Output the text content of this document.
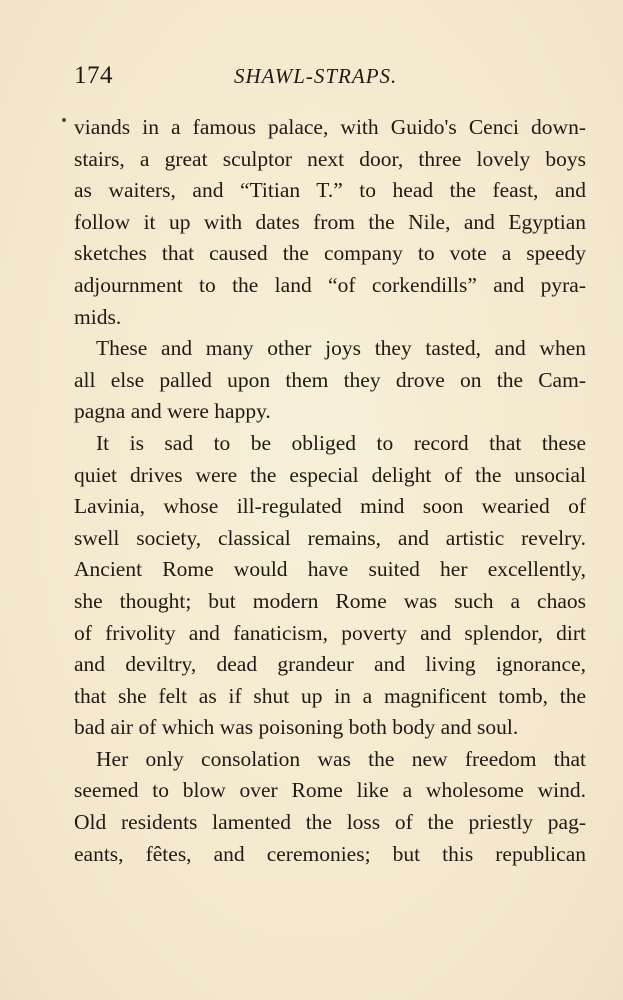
174	SHAWL-STRAPS.
viands in a famous palace, with Guido's Cenci down-
stairs, a great sculptor next door, three lovely boys
as waiters, and “Titian T.” to head the feast, and
follow it up with dates from the Nile, and Egyptian
sketches that caused the company to vote a speedy
adjournment to the land “of corkendills” and pyra-
mids.
These and many other joys they tasted, and when
all else palled upon them they drove on the Cam-
pagna and were happy.
It is sad to be obliged to record that these
quiet drives were the especial delight of the unsocial
Lavinia, whose ill-regulated mind soon wearied of
swell society, classical remains, and artistic revelry.
Ancient Rome would have suited her excellently,
she thought; but modern Rome was such a chaos
of frivolity and fanaticism, poverty and splendor, dirt
and deviltry, dead grandeur and living ignorance,
that she felt as if shut up in a magnificent tomb, the
bad air of which was poisoning both body and soul.
Her only consolation was the new freedom that
seemed to blow over Rome like a wholesome wind.
Old residents lamented the loss of the priestly pag-
eants, fêtes, and ceremonies; but this republican
